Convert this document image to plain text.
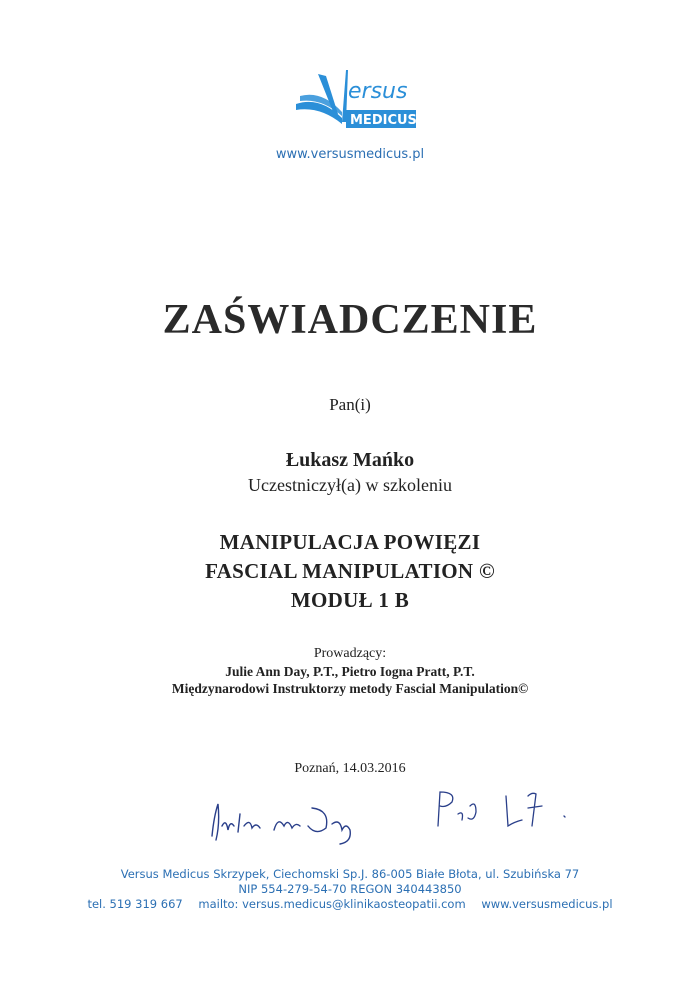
ersus
MEDICUS
www.versusmedicus.pl
ZAŚWIADCZENIE
Pan(i)
Łukasz Mańko
Uczestniczył(a) w szkoleniu
MANIPULACJA POWIĘZI
FASCIAL MANIPULATION ©
MODUŁ 1 B
Prowadzący:
Julie Ann Day, P.T., Pietro Iogna Pratt, P.T.
Międzynarodowi Instruktorzy metody Fascial Manipulation©
Poznań, 14.03.2016
Versus Medicus Skrzypek, Ciechomski Sp.J. 86-005 Białe Błota, ul. Szubińska 77
NIP 554-279-54-70 REGON 340443850
tel. 519 319 667 mailto: versus.medicus@klinikaosteopatii.com www.versusmedicus.pl
